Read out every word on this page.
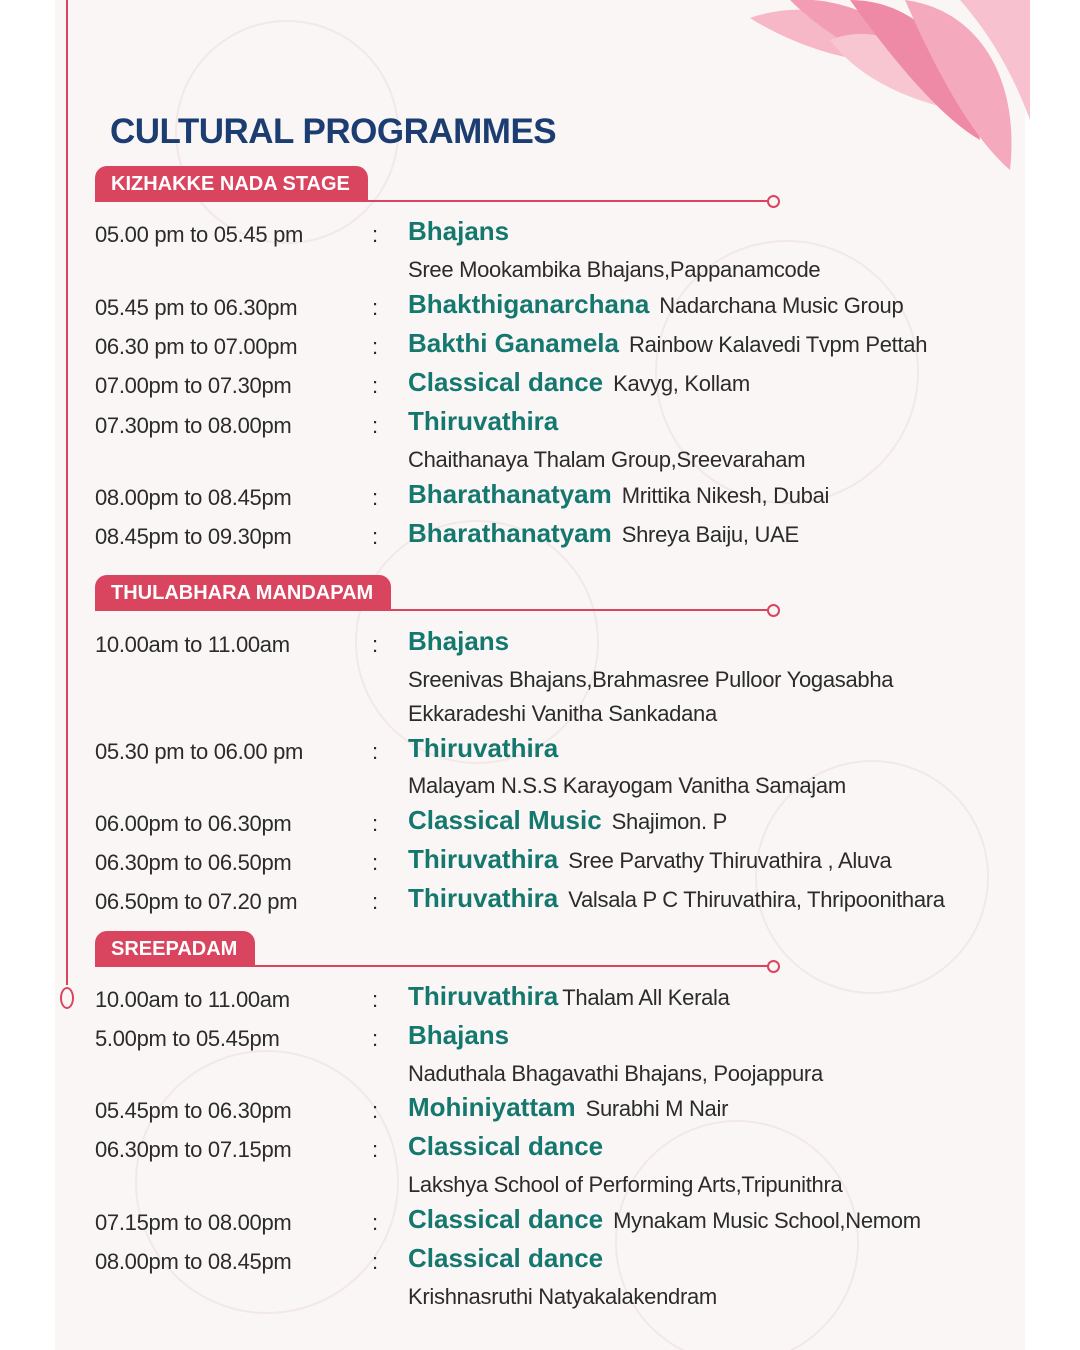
CULTURAL PROGRAMMES
KIZHAKKE NADA STAGE
05.00 pm to 05.45 pm	: Bhajans
Sree Mookambika Bhajans,Pappanamcode
05.45 pm to 06.30pm	: Bhakthiganarchana Nadarchana Music Group
06.30 pm to 07.00pm	: Bakthi Ganamela Rainbow Kalavedi Tvpm Pettah
07.00pm to 07.30pm	: Classical dance Kavyg, Kollam
07.30pm to 08.00pm	: Thiruvathira
Chaithanaya Thalam Group,Sreevaraham
08.00pm to 08.45pm	: Bharathanatyam Mrittika Nikesh, Dubai
08.45pm to 09.30pm	: Bharathanatyam Shreya Baiju, UAE
THULABHARA MANDAPAM
10.00am to 11.00am	: Bhajans
Sreenivas Bhajans,Brahmasree Pulloor Yogasabha
Ekkaradeshi Vanitha Sankadana
05.30 pm to 06.00 pm	: Thiruvathira
Malayam N.S.S Karayogam Vanitha Samajam
06.00pm to 06.30pm	: Classical Music Shajimon. P
06.30pm to 06.50pm	: Thiruvathira Sree Parvathy Thiruvathira , Aluva
06.50pm to 07.20 pm	: Thiruvathira Valsala P C Thiruvathira, Thripoonithara
SREEPADAM
10.00am to 11.00am	: Thiruvathira Thalam All Kerala
5.00pm to 05.45pm	: Bhajans
Naduthala Bhagavathi Bhajans, Poojappura
05.45pm to 06.30pm	: Mohiniyattam Surabhi M Nair
06.30pm to 07.15pm	: Classical dance
Lakshya School of Performing Arts,Tripunithra
07.15pm to 08.00pm	: Classical dance Mynakam Music School,Nemom
08.00pm to 08.45pm	: Classical dance
Krishnasruthi Natyakalakendram
